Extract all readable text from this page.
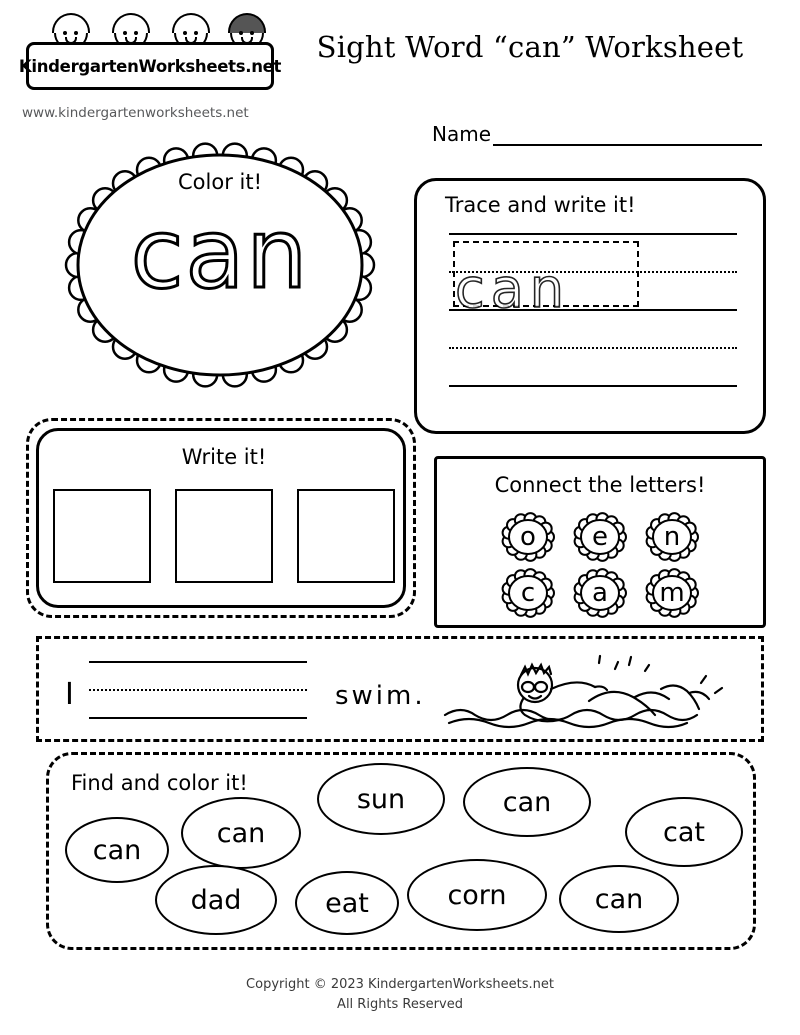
KindergartenWorksheets.net
www.kindergartenworksheets.net
Sight Word “can” Worksheet
Name
Color it!
can	Trace and write it!
can
Write it!
Connect the letters!
o	e	n
c	a	m
I	swim.
Find and color it!
can
can
sun	can
cat
dad	eat	corn	can
Copyright © 2023 KindergartenWorksheets.net
All Rights Reserved
